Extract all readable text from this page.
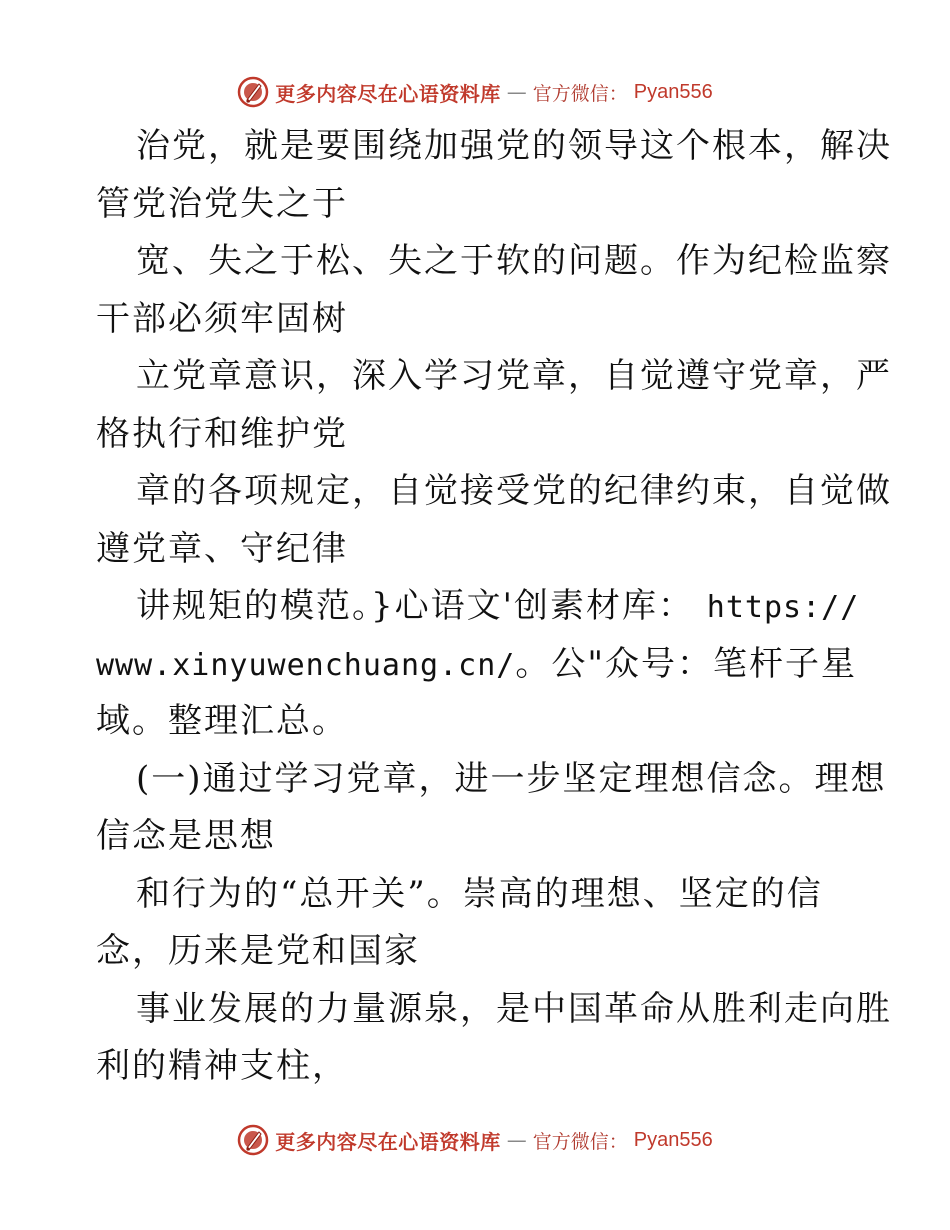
更多内容尽在心语资料库 — 官方微信： Pyan556
治党，就是要围绕加强党的领导这个根本，解决
管党治党失之于
宽、失之于松、失之于软的问题。作为纪检监察
干部必须牢固树
立党章意识，深入学习党章，自觉遵守党章，严
格执行和维护党
章的各项规定，自觉接受党的纪律约束，自觉做
遵党章、守纪律
讲规矩的模范。}心语文'创素材库： https://
www.xinyuwenchuang.cn/。公"众号：笔杆子星
域。整理汇总。
(一)通过学习党章，进一步坚定理想信念。理想
信念是思想
和行为的“总开关”。崇高的理想、坚定的信
念，历来是党和国家
事业发展的力量源泉，是中国革命从胜利走向胜
利的精神支柱，
更多内容尽在心语资料库 — 官方微信： Pyan556
